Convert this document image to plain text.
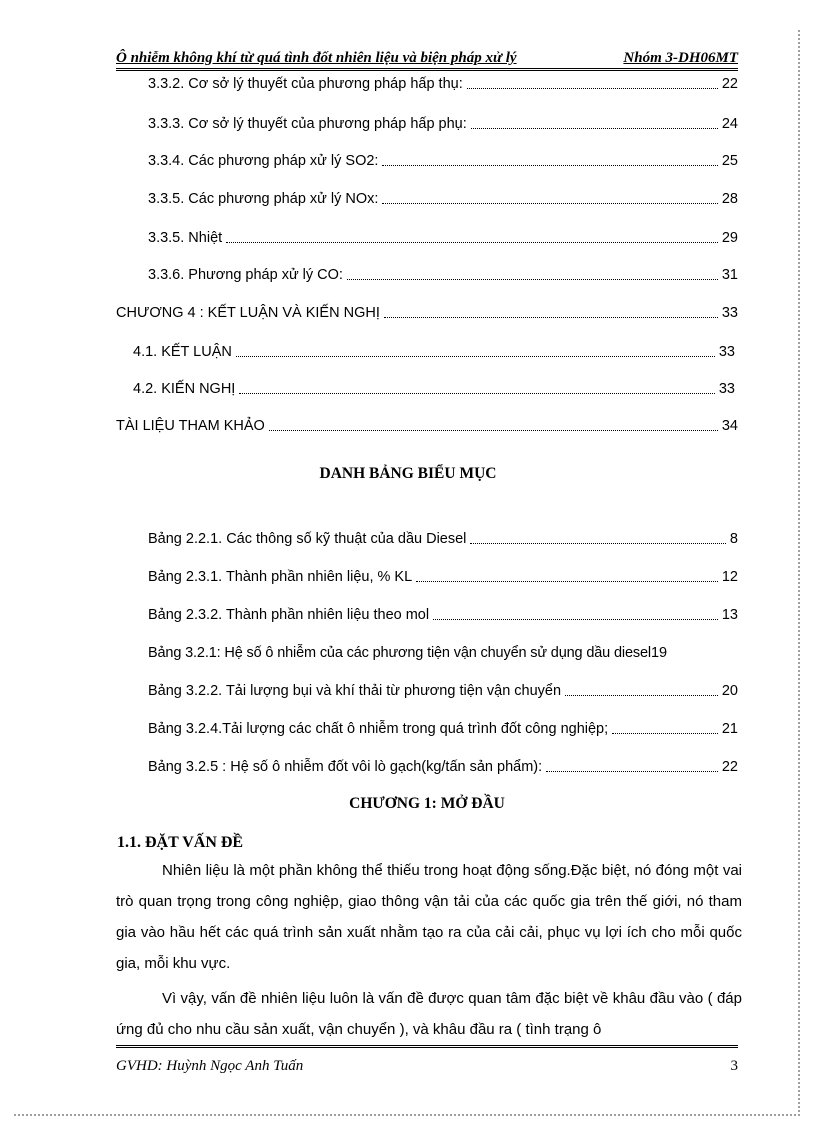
Ô nhiễm không khí từ quá tình đốt nhiên liệu và biện pháp xử lý	Nhóm 3-DH06MT
3.3.2. Cơ sở lý thuyết của phương pháp hấp thụ:	22
3.3.3. Cơ sở lý thuyết của phương pháp hấp phụ:	24
3.3.4. Các phương pháp xử lý SO2:	25
3.3.5. Các phương pháp xử lý NOx:	28
3.3.5. Nhiệt	29
3.3.6. Phương pháp xử lý CO:	31
CHƯƠNG 4 : KẾT LUẬN VÀ KIẾN NGHỊ	33
4.1. KẾT LUẬN	33
4.2. KIẾN NGHỊ	33
TÀI LIỆU THAM KHẢO	34
DANH BẢNG BIỂU MỤC
Bảng 2.2.1. Các thông số kỹ thuật của dầu Diesel	8
Bảng 2.3.1. Thành phần nhiên liệu, % KL	12
Bảng 2.3.2. Thành phần nhiên liệu theo mol	13
Bảng 3.2.1: Hệ số ô nhiễm của các phương tiện vận chuyển sử dụng dầu diesel 19
Bảng 3.2.2. Tải lượng bụi và khí thải từ phương tiện vận chuyển	20
Bảng 3.2.4.Tải lượng các chất ô nhiễm trong quá trình đốt công nghiệp;	21
Bảng 3.2.5 : Hệ số ô nhiễm đốt vôi lò gạch(kg/tấn sản phẩm):	22
CHƯƠNG 1: MỞ ĐẦU
1.1. ĐẶT VẤN ĐỀ

Nhiên liệu là một phần không thể thiếu trong hoạt động sống.Đặc biệt, nó đóng một vai trò quan trọng trong công nghiệp, giao thông vận tải của các quốc gia trên thế giới, nó tham gia vào hầu hết các quá trình sản xuất nhằm tạo ra của cải cải, phục vụ lợi ích cho mỗi quốc gia, mỗi khu vực.

Vì vậy, vấn đề nhiên liệu luôn là vấn đề được quan tâm đặc biệt về khâu đầu vào ( đáp ứng đủ cho nhu cầu sản xuất, vận chuyển ), và khâu đầu ra ( tình trạng ô

GVHD: Huỳnh Ngọc Anh Tuấn	3
